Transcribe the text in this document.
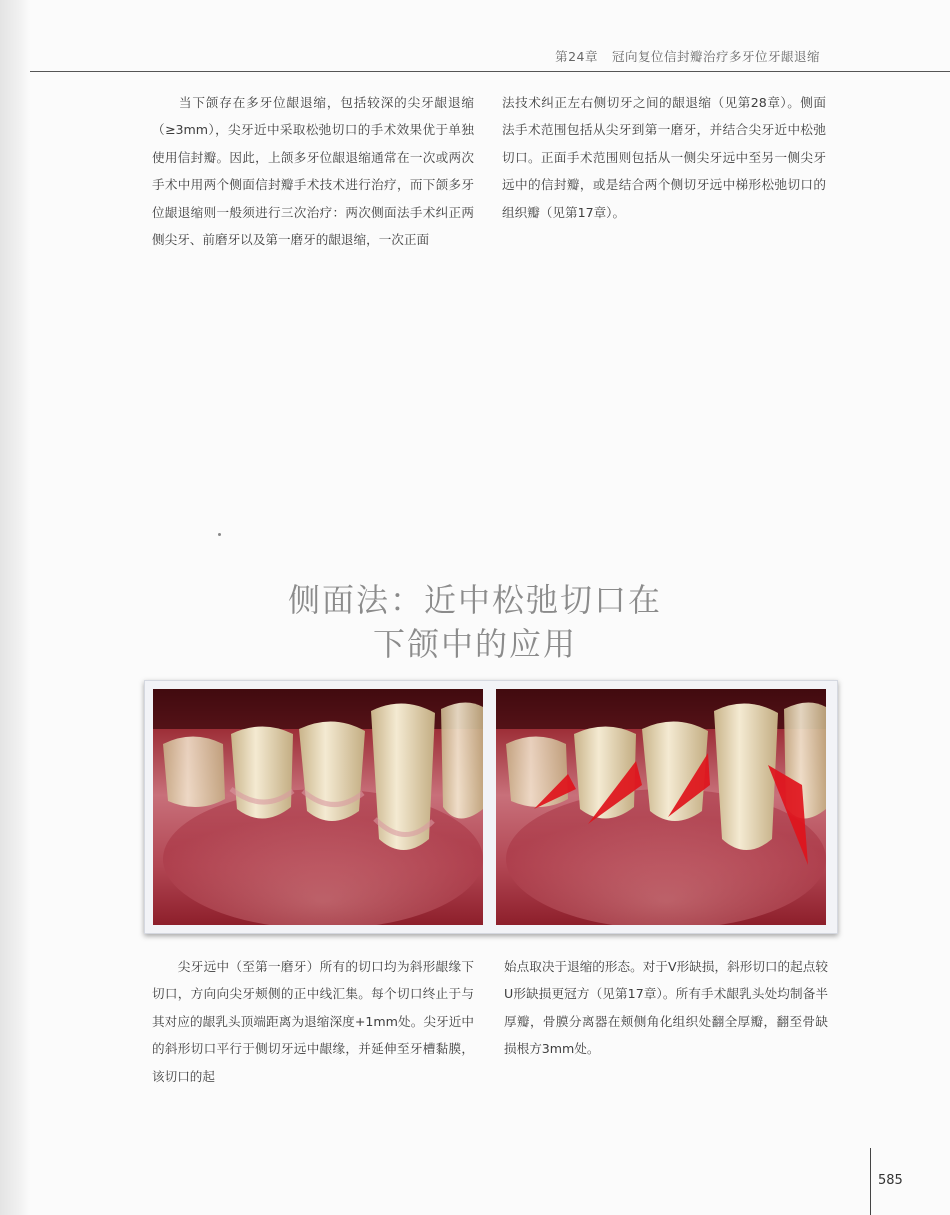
第24章 冠向复位信封瓣治疗多牙位牙龈退缩
　　当下颌存在多牙位龈退缩，包括较深的尖牙龈退缩（≥3mm），尖牙近中采取松弛切口的手术效果优于单独使用信封瓣。因此，上颌多牙位龈退缩通常在一次或两次手术中用两个侧面信封瓣手术技术进行治疗，而下颌多牙位龈退缩则一般须进行三次治疗：两次侧面法手术纠正两侧尖牙、前磨牙以及第一磨牙的龈退缩，一次正面
法技术纠正左右侧切牙之间的龈退缩（见第28章）。侧面法手术范围包括从尖牙到第一磨牙，并结合尖牙近中松弛切口。正面手术范围则包括从一侧尖牙远中至另一侧尖牙远中的信封瓣，或是结合两个侧切牙远中梯形松弛切口的组织瓣（见第17章）。
侧面法：近中松弛切口在
下颌中的应用
　　尖牙远中（至第一磨牙）所有的切口均为斜形龈缘下切口，方向向尖牙颊侧的正中线汇集。每个切口终止于与其对应的龈乳头顶端距离为退缩深度+1mm处。尖牙近中的斜形切口平行于侧切牙远中龈缘，并延伸至牙槽黏膜，该切口的起
始点取决于退缩的形态。对于V形缺损，斜形切口的起点较U形缺损更冠方（见第17章）。所有手术龈乳头处均制备半厚瓣，骨膜分离器在颊侧角化组织处翻全厚瓣，翻至骨缺损根方3mm处。
585
